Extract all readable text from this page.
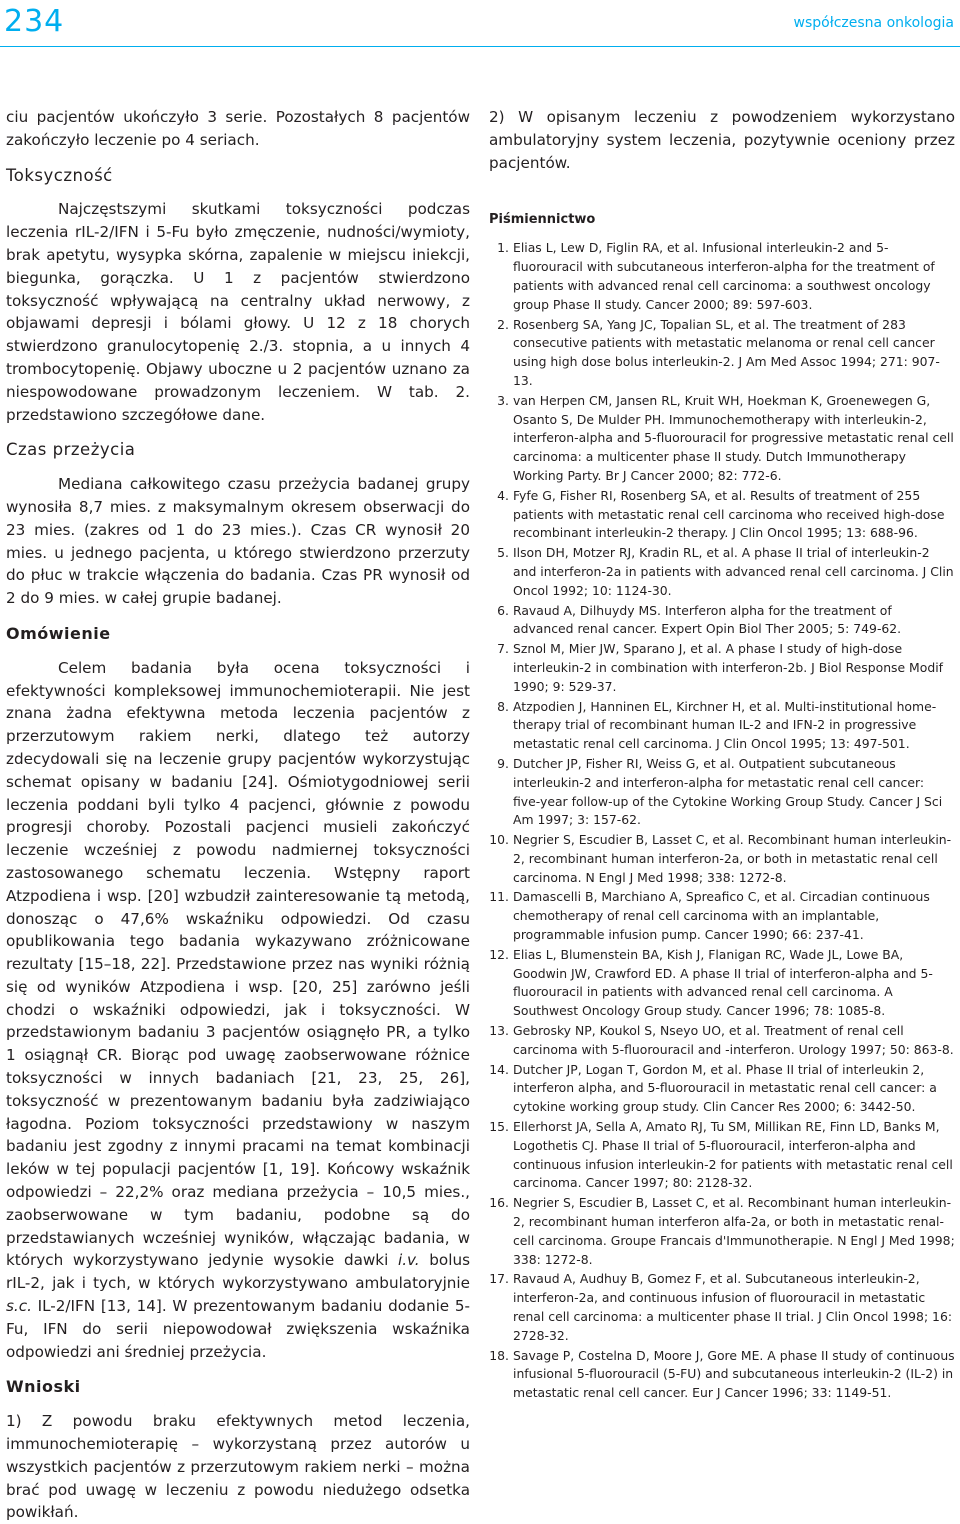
234	współczesna onkologia

ciu pacjentów ukończyło 3 serie. Pozostałych 8 pacjentów zakończyło leczenie po 4 seriach.

Toksyczność

Najczęstszymi skutkami toksyczności podczas leczenia rIL-2/IFN i 5-Fu było zmęczenie, nudności/wymioty, brak apetytu, wysypka skórna, zapalenie w miejscu iniekcji, biegunka, gorączka. U 1 z pacjentów stwierdzono toksyczność wpływającą na centralny układ nerwowy, z objawami depresji i bólami głowy. U 12 z 18 chorych stwierdzono granulocytopenię 2./3. stopnia, a u innych 4 trombocytopenię. Objawy uboczne u 2 pacjentów uznano za niespowodowane prowadzonym leczeniem. W tab. 2. przedstawiono szczegółowe dane.

Czas przeżycia

Mediana całkowitego czasu przeżycia badanej grupy wynosiła 8,7 mies. z maksymalnym okresem obserwacji do 23 mies. (zakres od 1 do 23 mies.). Czas CR wynosił 20 mies. u jednego pacjenta, u którego stwierdzono przerzuty do płuc w trakcie włączenia do badania. Czas PR wynosił od 2 do 9 mies. w całej grupie badanej.

Omówienie

Celem badania była ocena toksyczności i efektywności kompleksowej immunochemioterapii. Nie jest znana żadna efektywna metoda leczenia pacjentów z przerzutowym rakiem nerki, dlatego też autorzy zdecydowali się na leczenie grupy pacjentów wykorzystując schemat opisany w badaniu [24]. Ośmiotygodniowej serii leczenia poddani byli tylko 4 pacjenci, głównie z powodu progresji choroby. Pozostali pacjenci musieli zakończyć leczenie wcześniej z powodu nadmiernej toksyczności zastosowanego schematu leczenia. Wstępny raport Atzpodiena i wsp. [20] wzbudził zainteresowanie tą metodą, donosząc o 47,6% wskaźniku odpowiedzi. Od czasu opublikowania tego badania wykazywano zróżnicowane rezultaty [15–18, 22]. Przedstawione przez nas wyniki różnią się od wyników Atzpodiena i wsp. [20, 25] zarówno jeśli chodzi o wskaźniki odpowiedzi, jak i toksyczności. W przedstawionym badaniu 3 pacjentów osiągnęło PR, a tylko 1 osiągnął CR. Biorąc pod uwagę zaobserwowane różnice toksyczności w innych badaniach [21, 23, 25, 26], toksyczność w prezentowanym badaniu była zadziwiająco łagodna. Poziom toksyczności przedstawiony w naszym badaniu jest zgodny z innymi pracami na temat kombinacji leków w tej populacji pacjentów [1, 19]. Końcowy wskaźnik odpowiedzi – 22,2% oraz mediana przeżycia – 10,5 mies., zaobserwowane w tym badaniu, podobne są do przedstawianych wcześniej wyników, włączając badania, w których wykorzystywano jedynie wysokie dawki i.v. bolus rIL-2, jak i tych, w których wykorzystywano ambulatoryjnie s.c. IL-2/IFN [13, 14]. W prezentowanym badaniu dodanie 5-Fu, IFN do serii niepowodował zwiększenia wskaźnika odpowiedzi ani średniej przeżycia.

Wnioski

1) Z powodu braku efektywnych metod leczenia, immunochemioterapię – wykorzystaną przez autorów u wszystkich pacjentów z przerzutowym rakiem nerki – można brać pod uwagę w leczeniu z powodu niedużego odsetka powikłań.

2) W opisanym leczeniu z powodzeniem wykorzystano ambulatoryjny system leczenia, pozytywnie oceniony przez pacjentów.

Piśmiennictwo
1. Elias L, Lew D, Figlin RA, et al. Infusional interleukin-2 and 5-fluorouracil with subcutaneous interferon-alpha for the treatment of patients with advanced renal cell carcinoma: a southwest oncology group Phase II study. Cancer 2000; 89: 597-603.
2. Rosenberg SA, Yang JC, Topalian SL, et al. The treatment of 283 consecutive patients with metastatic melanoma or renal cell cancer using high dose bolus interleukin-2. J Am Med Assoc 1994; 271: 907-13.
3. van Herpen CM, Jansen RL, Kruit WH, Hoekman K, Groenewegen G, Osanto S, De Mulder PH. Immunochemotherapy with interleukin-2, interferon-alpha and 5-fluorouracil for progressive metastatic renal cell carcinoma: a multicenter phase II study. Dutch Immunotherapy Working Party. Br J Cancer 2000; 82: 772-6.
4. Fyfe G, Fisher RI, Rosenberg SA, et al. Results of treatment of 255 patients with metastatic renal cell carcinoma who received high-dose recombinant interleukin-2 therapy. J Clin Oncol 1995; 13: 688-96.
5. Ilson DH, Motzer RJ, Kradin RL, et al. A phase II trial of interleukin-2 and interferon-2a in patients with advanced renal cell carcinoma. J Clin Oncol 1992; 10: 1124-30.
6. Ravaud A, Dilhuydy MS. Interferon alpha for the treatment of advanced renal cancer. Expert Opin Biol Ther 2005; 5: 749-62.
7. Sznol M, Mier JW, Sparano J, et al. A phase I study of high-dose interleukin-2 in combination with interferon-2b. J Biol Response Modif 1990; 9: 529-37.
8. Atzpodien J, Hanninen EL, Kirchner H, et al. Multi-institutional home-therapy trial of recombinant human IL-2 and IFN-2 in progressive metastatic renal cell carcinoma. J Clin Oncol 1995; 13: 497-501.
9. Dutcher JP, Fisher RI, Weiss G, et al. Outpatient subcutaneous interleukin-2 and interferon-alpha for metastatic renal cell cancer: five-year follow-up of the Cytokine Working Group Study. Cancer J Sci Am 1997; 3: 157-62.
10. Negrier S, Escudier B, Lasset C, et al. Recombinant human interleukin-2, recombinant human interferon-2a, or both in metastatic renal cell carcinoma. N Engl J Med 1998; 338: 1272-8.
11. Damascelli B, Marchiano A, Spreafico C, et al. Circadian continuous chemotherapy of renal cell carcinoma with an implantable, programmable infusion pump. Cancer 1990; 66: 237-41.
12. Elias L, Blumenstein BA, Kish J, Flanigan RC, Wade JL, Lowe BA, Goodwin JW, Crawford ED. A phase II trial of interferon-alpha and 5-fluorouracil in patients with advanced renal cell carcinoma. A Southwest Oncology Group study. Cancer 1996; 78: 1085-8.
13. Gebrosky NP, Koukol S, Nseyo UO, et al. Treatment of renal cell carcinoma with 5-fluorouracil and -interferon. Urology 1997; 50: 863-8.
14. Dutcher JP, Logan T, Gordon M, et al. Phase II trial of interleukin 2, interferon alpha, and 5-fluorouracil in metastatic renal cell cancer: a cytokine working group study. Clin Cancer Res 2000; 6: 3442-50.
15. Ellerhorst JA, Sella A, Amato RJ, Tu SM, Millikan RE, Finn LD, Banks M, Logothetis CJ. Phase II trial of 5-fluorouracil, interferon-alpha and continuous infusion interleukin-2 for patients with metastatic renal cell carcinoma. Cancer 1997; 80: 2128-32.
16. Negrier S, Escudier B, Lasset C, et al. Recombinant human interleukin-2, recombinant human interferon alfa-2a, or both in metastatic renal-cell carcinoma. Groupe Francais d'Immunotherapie. N Engl J Med 1998; 338: 1272-8.
17. Ravaud A, Audhuy B, Gomez F, et al. Subcutaneous interleukin-2, interferon-2a, and continuous infusion of fluorouracil in metastatic renal cell carcinoma: a multicenter phase II trial. J Clin Oncol 1998; 16: 2728-32.
18. Savage P, Costelna D, Moore J, Gore ME. A phase II study of continuous infusional 5-fluorouracil (5-FU) and subcutaneous interleukin-2 (IL-2) in metastatic renal cell cancer. Eur J Cancer 1996; 33: 1149-51.
